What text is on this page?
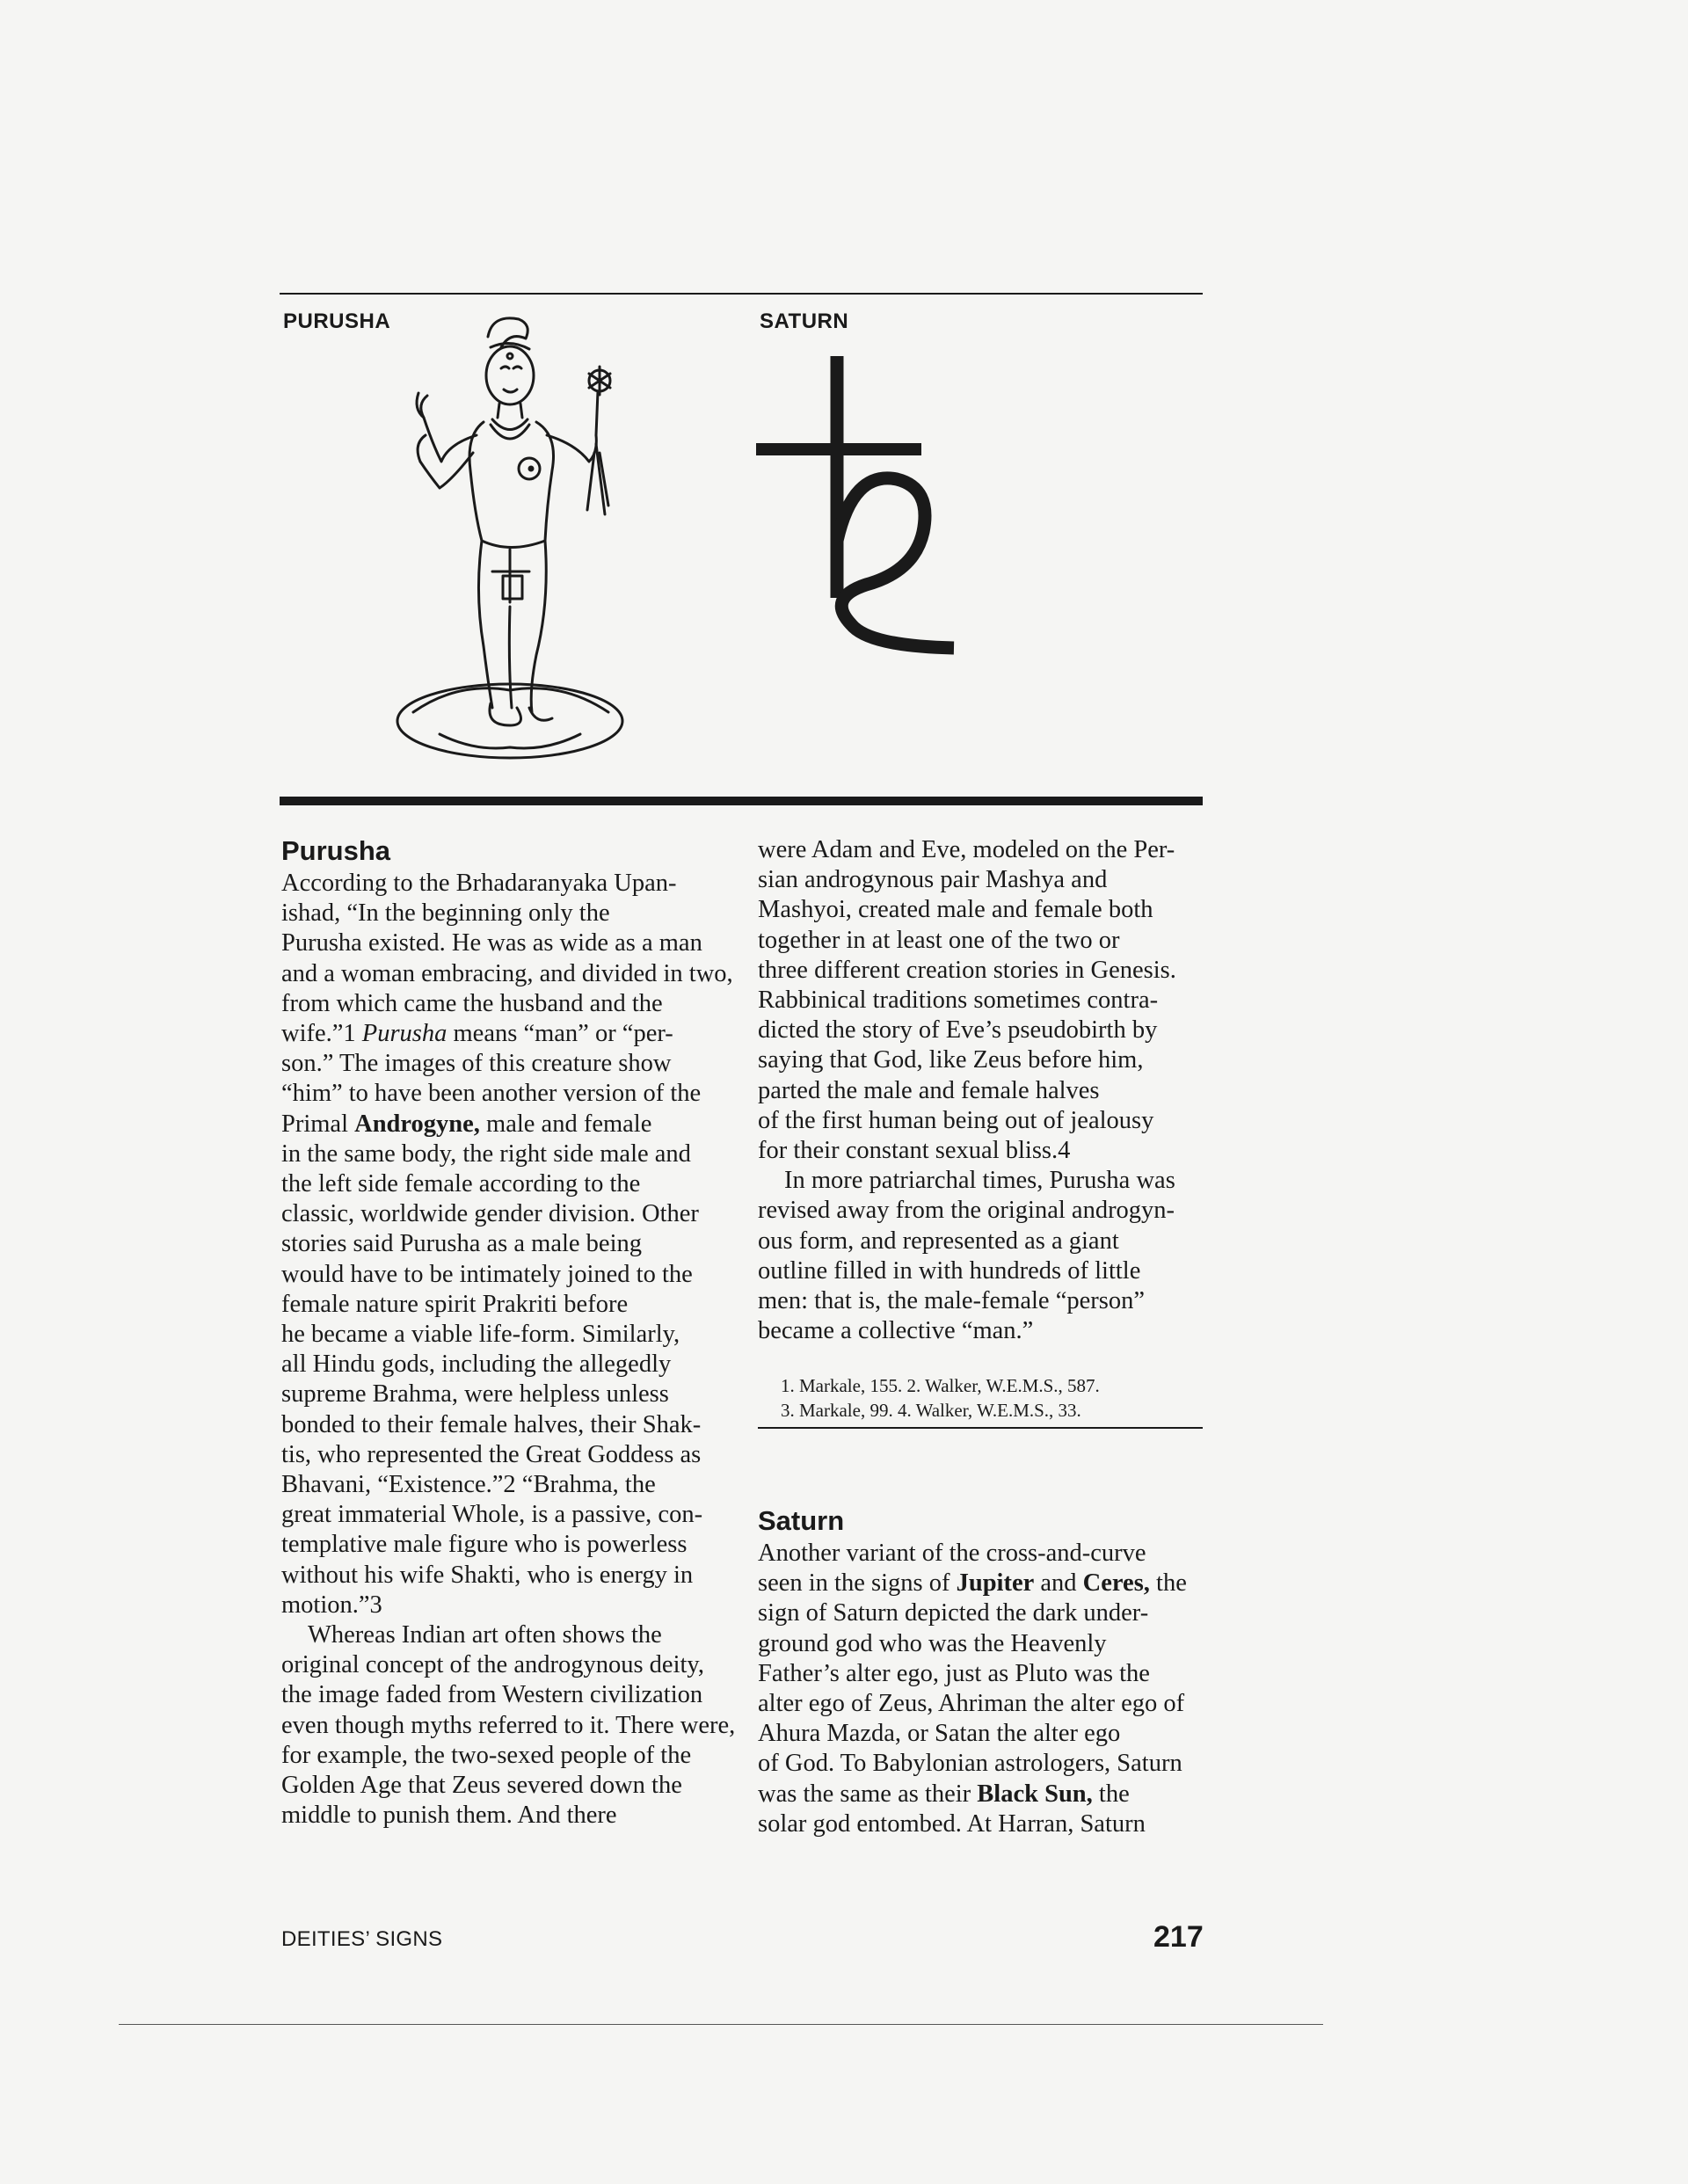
PURUSHA	SATURN
Purusha
According to the Brhadaranyaka Upan-
ishad, “In the beginning only the
Purusha existed. He was as wide as a man
and a woman embracing, and divided in two,
from which came the husband and the
wife.”1 Purusha means “man” or “per-
son.” The images of this creature show
“him” to have been another version of the
Primal Androgyne, male and female
in the same body, the right side male and
the left side female according to the
classic, worldwide gender division. Other
stories said Purusha as a male being
would have to be intimately joined to the
female nature spirit Prakriti before
he became a viable life-form. Similarly,
all Hindu gods, including the allegedly
supreme Brahma, were helpless unless
bonded to their female halves, their Shak-
tis, who represented the Great Goddess as
Bhavani, “Existence.”2 “Brahma, the
great immaterial Whole, is a passive, con-
templative male figure who is powerless
without his wife Shakti, who is energy in
motion.”3
Whereas Indian art often shows the
original concept of the androgynous deity,
the image faded from Western civilization
even though myths referred to it. There were,
for example, the two-sexed people of the
Golden Age that Zeus severed down the
middle to punish them. And there
were Adam and Eve, modeled on the Per-
sian androgynous pair Mashya and
Mashyoi, created male and female both
together in at least one of the two or
three different creation stories in Genesis.
Rabbinical traditions sometimes contra-
dicted the story of Eve’s pseudobirth by
saying that God, like Zeus before him,
parted the male and female halves
of the first human being out of jealousy
for their constant sexual bliss.4
In more patriarchal times, Purusha was
revised away from the original androgyn-
ous form, and represented as a giant
outline filled in with hundreds of little
men: that is, the male-female “person”
became a collective “man.”
1. Markale, 155. 2. Walker, W.E.M.S., 587.
3. Markale, 99. 4. Walker, W.E.M.S., 33.
Saturn
Another variant of the cross-and-curve
seen in the signs of Jupiter and Ceres, the
sign of Saturn depicted the dark under-
ground god who was the Heavenly
Father’s alter ego, just as Pluto was the
alter ego of Zeus, Ahriman the alter ego of
Ahura Mazda, or Satan the alter ego
of God. To Babylonian astrologers, Saturn
was the same as their Black Sun, the
solar god entombed. At Harran, Saturn
DEITIES’ SIGNS	217
